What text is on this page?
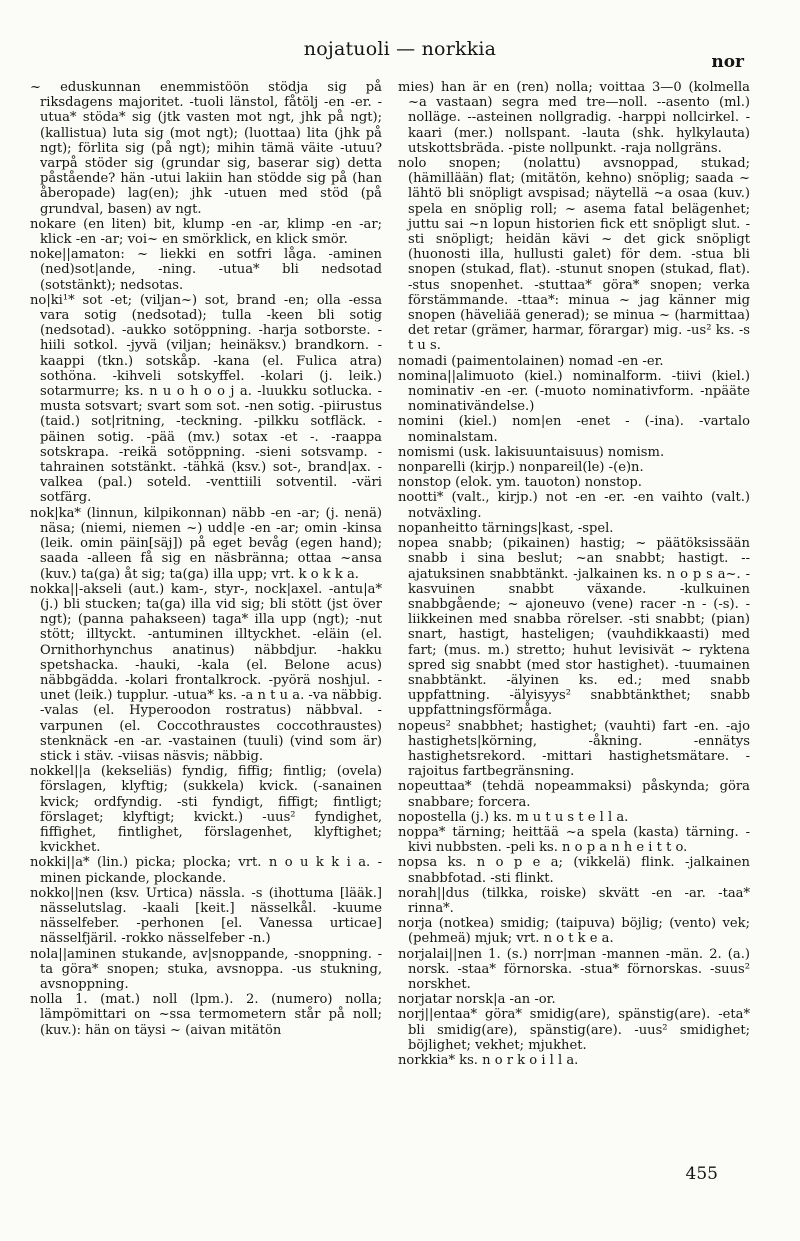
nojatuoli — norkkia
nor

~ eduskunnan enemmistöön stödja sig på riksdagens majoritet. -tuoli länstol, fåtölj -en -er. -utua* stöda* sig (jtk vasten mot ngt, jhk på ngt); (kallistua) luta sig (mot ngt); (luottaa) lita (jhk på ngt); förlita sig (på ngt); mihin tämä väite -utuu? varpå stöder sig (grundar sig, baserar sig) detta påstående? hän -utui lakiin han stödde sig på (han åberopade) lag(en); jhk -utuen med stöd (på grundval, basen) av ngt.

nokare (en liten) bit, klump -en -ar, klimp -en -ar; klick -en -ar; voi~ en smörklick, en klick smör.

noke||amaton: ~ liekki en sotfri låga. -aminen (ned)sot|ande, -ning. -utua* bli nedsotad (sotstänkt); nedsotas.

no|ki¹* sot -et; (viljan~) sot, brand -en; olla -essa vara sotig (nedsotad); tulla -keen bli sotig (nedsotad). -aukko sotöppning. -harja sotborste. -hiili sotkol. -jyvä (viljan; heinäksv.) brandkorn. -kaappi (tkn.) sotskåp. -kana (el. Fulica atra) sothöna. -kihveli sotskyffel. -kolari (j. leik.) sotarmurre; ks. n u o h o o j a. -luukku sotlucka. -musta sotsvart; svart som sot. -nen sotig. -piirustus (taid.) sot|ritning, -teckning. -pilkku sotfläck. -päinen sotig. -pää (mv.) sotax -et -. -raappa sotskrapa. -reikä sotöppning. -sieni sotsvamp. -tahrainen sotstänkt. -tähkä (ksv.) sot-, brand|ax. -valkea (pal.) soteld. -venttiili sotventil. -väri sotfärg.

nok|ka* (linnun, kilpikonnan) näbb -en -ar; (j. nenä) näsa; (niemi, niemen ~) udd|e -en -ar; omin -kinsa (leik. omin päin[säj]) på eget bevåg (egen hand); saada -alleen få sig en näsbränna; ottaa ~ansa (kuv.) ta(ga) åt sig; ta(ga) illa upp; vrt. k o k k a.

nokka||-akseli (aut.) kam-, styr-, nock|axel. -antu|a* (j.) bli stucken; ta(ga) illa vid sig; bli stött (jst över ngt); (panna pahakseen) taga* illa upp (ngt); -nut stött; illtyckt. -antuminen illtyckhet. -eläin (el. Ornithorhynchus anatinus) näbbdjur. -hakku spetshacka. -hauki, -kala (el. Belone acus) näbbgädda. -kolari frontalkrock. -pyörä noshjul. -unet (leik.) tupplur. -utua* ks. -a n t u a. -va näbbig. -valas (el. Hyperoodon rostratus) näbbval. -varpunen (el. Coccothraustes coccothraustes) stenknäck -en -ar. -vastainen (tuuli) (vind som är) stick i stäv. -viisas näsvis; näbbig.

nokkel||a (kekseliäs) fyndig, fiffig; fintlig; (ovela) förslagen, klyftig; (sukkela) kvick. (-sanainen kvick; ordfyndig. -sti fyndigt, fiffigt; fintligt; förslaget; klyftigt; kvickt.) -uus² fyndighet, fiffighet, fintlighet, förslagenhet, klyftighet; kvickhet.

nokki||a* (lin.) picka; plocka; vrt. n o u k k i a. -minen pickande, plockande.

nokko||nen (ksv. Urtica) nässla. -s (ihottuma [lääk.] nässelutslag. -kaali [keit.] nässelkål. -kuume nässelfeber. -perhonen [el. Vanessa urticae] nässelfjäril. -rokko nässelfeber -n.)

nola||aminen stukande, av|snoppande, -snoppning. -ta göra* snopen; stuka, avsnoppa. -us stukning, avsnoppning.

nolla 1. (mat.) noll (lpm.). 2. (numero) nolla; lämpömittari on ~ssa termometern står på noll; (kuv.): hän on täysi ~ (aivan mitätön

mies) han är en (ren) nolla; voittaa 3—0 (kolmella ~a vastaan) segra med tre—noll. --asento (ml.) nolläge. --asteinen nollgradig. -harppi nollcirkel. -kaari (mer.) nollspant. -lauta (shk. hylkylauta) utskottsbräda. -piste nollpunkt. -raja nollgräns.

nolo snopen; (nolattu) avsnoppad, stukad; (hämillään) flat; (mitätön, kehno) snöplig; saada ~ lähtö bli snöpligt avspisad; näytellä ~a osaa (kuv.) spela en snöplig roll; ~ asema fatal belägenhet; juttu sai ~n lopun historien fick ett snöpligt slut. -sti snöpligt; heidän kävi ~ det gick snöpligt (huonosti illa, hullusti galet) för dem. -stua bli snopen (stukad, flat). -stunut snopen (stukad, flat). -stus snopenhet. -stuttaa* göra* snopen; verka förstämmande. -ttaa*: minua ~ jag känner mig snopen (häveliää generad); se minua ~ (harmittaa) det retar (grämer, harmar, förargar) mig. -us² ks. -s t u s.

nomadi (paimentolainen) nomad -en -er.

nomina||alimuoto (kiel.) nominalform. -tiivi (kiel.) nominativ -en -er. (-muoto nominativform. -npääte nominativändelse.)

nomini (kiel.) nom|en -enet - (-ina). -vartalo nominalstam.

nomismi (usk. lakisuuntaisuus) nomism.

nonparelli (kirjp.) nonpareil(le) -(e)n.

nonstop (elok. ym. tauoton) nonstop.

nootti* (valt., kirjp.) not -en -er. -en vaihto (valt.) notväxling.

nopanheitto tärnings|kast, -spel.

nopea snabb; (pikainen) hastig; ~ päätöksissään snabb i sina beslut; ~an snabbt; hastigt. --ajatuksinen snabbtänkt. -jalkainen ks. n o p s a~. -kasvuinen snabbt växande. -kulkuinen snabbgående; ~ ajoneuvo (vene) racer -n - (-s). -liikkeinen med snabba rörelser. -sti snabbt; (pian) snart, hastigt, hasteligen; (vauhdikkaasti) med fart; (mus. m.) stretto; huhut levisivät ~ ryktena spred sig snabbt (med stor hastighet). -tuumainen snabbtänkt. -älyinen ks. ed.; med snabb uppfattning. -älyisyys² snabbtänkthet; snabb uppfattningsförmåga.

nopeus² snabbhet; hastighet; (vauhti) fart -en. -ajo hastighets|körning, -åkning. -ennätys hastighetsrekord. -mittari hastighetsmätare. -rajoitus fartbegränsning.

nopeuttaa* (tehdä nopeammaksi) påskynda; göra snabbare; forcera.

nopostella (j.) ks. m u t u s t e l l a.

noppa* tärning; heittää ~a spela (kasta) tärning. -kivi nubbsten. -peli ks. n o p a n h e i t t o.

nopsa ks. n o p e a; (vikkelä) flink. -jalkainen snabbfotad. -sti flinkt.

norah||dus (tilkka, roiske) skvätt -en -ar. -taa* rinna*.

norja (notkea) smidig; (taipuva) böjlig; (vento) vek; (pehmeä) mjuk; vrt. n o t k e a.

norjalai||nen 1. (s.) norr|man -mannen -män. 2. (a.) norsk. -staa* förnorska. -stua* förnorskas. -suus² norskhet.

norjatar norsk|a -an -or.

norj||entaa* göra* smidig(are), spänstig(are). -eta* bli smidig(are), spänstig(are). -uus² smidighet; böjlighet; vekhet; mjukhet.

norkkia* ks. n o r k o i l l a.

455
